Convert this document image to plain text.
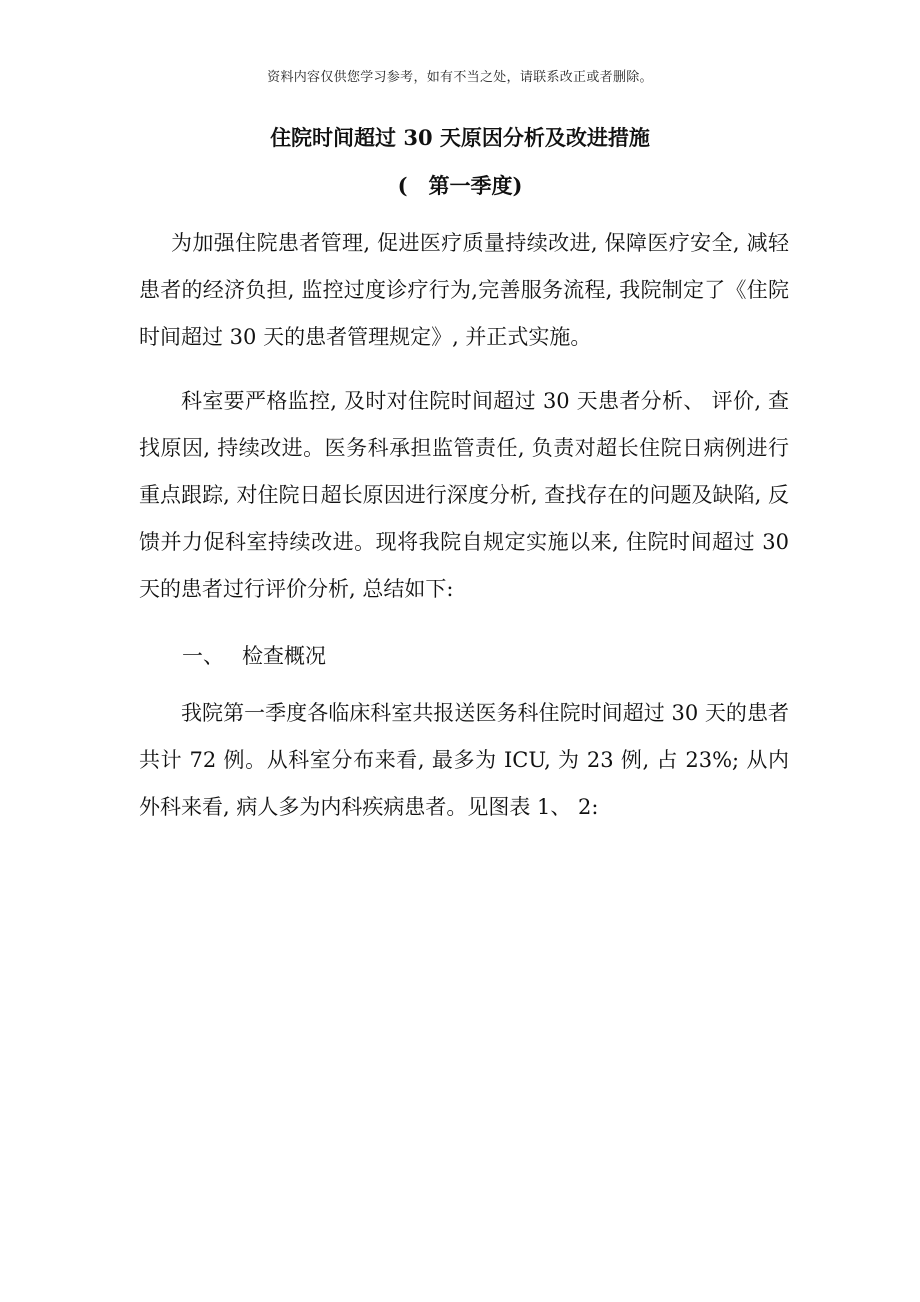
资料内容仅供您学习参考，如有不当之处，请联系改正或者删除。
住院时间超过 30 天原因分析及改进措施
(　第一季度)
为加强住院患者管理, 促进医疗质量持续改进, 保障医疗安全, 减轻患者的经济负担, 监控过度诊疗行为,完善服务流程, 我院制定了《住院时间超过 30 天的患者管理规定》, 并正式实施。
科室要严格监控, 及时对住院时间超过 30 天患者分析、 评价, 查找原因, 持续改进。医务科承担监管责任, 负责对超长住院日病例进行重点跟踪, 对住院日超长原因进行深度分析, 查找存在的问题及缺陷, 反馈并力促科室持续改进。现将我院自规定实施以来, 住院时间超过 30 天的患者过行评价分析, 总结如下:
一、 检查概况
我院第一季度各临床科室共报送医务科住院时间超过 30 天的患者共计 72 例。从科室分布来看, 最多为 ICU, 为 23 例, 占 23%; 从内外科来看, 病人多为内科疾病患者。见图表 1、 2:
